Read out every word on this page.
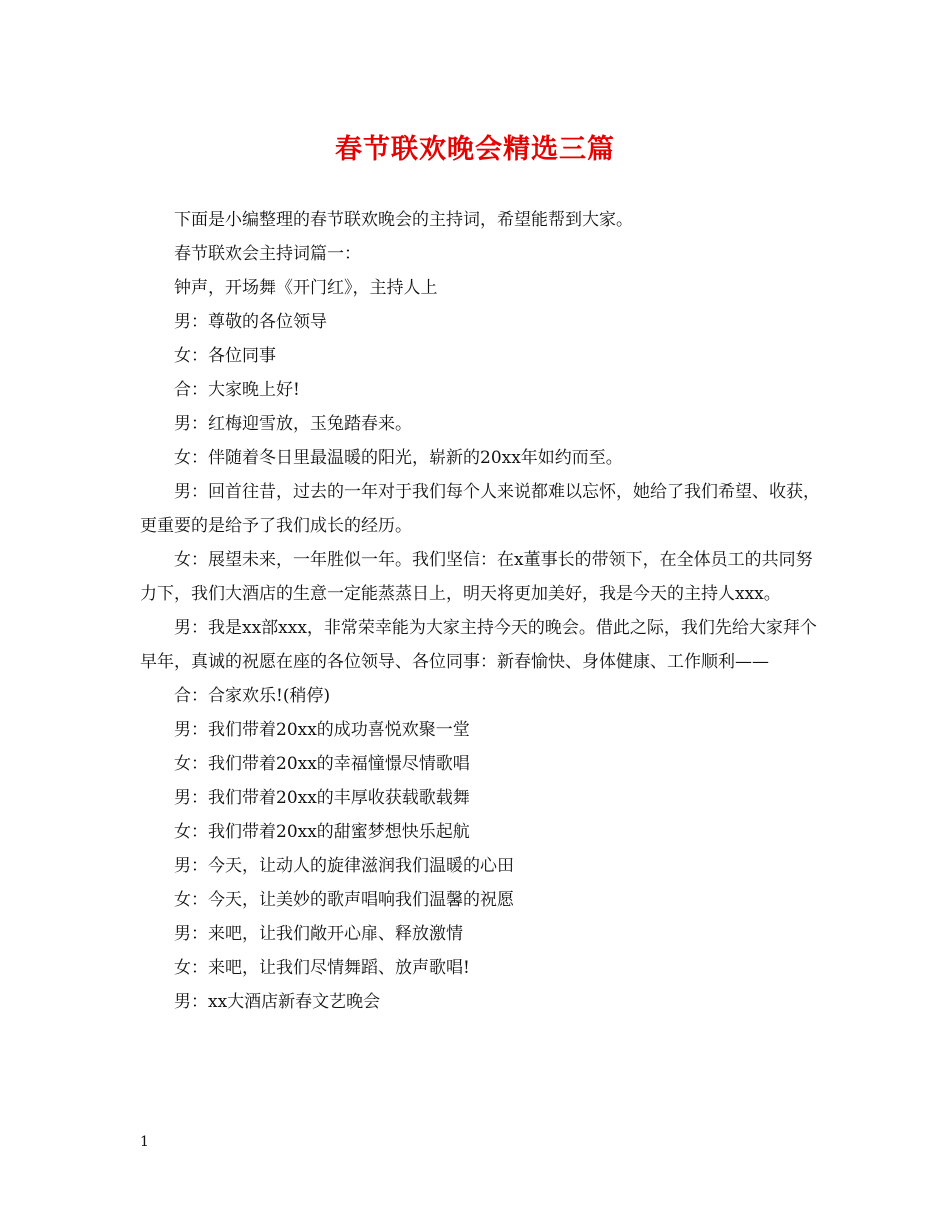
春节联欢晚会精选三篇

下面是小编整理的春节联欢晚会的主持词，希望能帮到大家。

春节联欢会主持词篇一：

钟声，开场舞《开门红》，主持人上

男：尊敬的各位领导

女：各位同事

合：大家晚上好!

男：红梅迎雪放，玉兔踏春来。

女：伴随着冬日里最温暖的阳光，崭新的20xx年如约而至。

男：回首往昔，过去的一年对于我们每个人来说都难以忘怀，她给了我们希望、收获，更重要的是给予了我们成长的经历。

女：展望未来，一年胜似一年。我们坚信：在x董事长的带领下，在全体员工的共同努力下，我们大酒店的生意一定能蒸蒸日上，明天将更加美好，我是今天的主持人xxx。

男：我是xx部xxx，非常荣幸能为大家主持今天的晚会。借此之际，我们先给大家拜个早年，真诚的祝愿在座的各位领导、各位同事：新春愉快、身体健康、工作顺利——

合：合家欢乐!(稍停)

男：我们带着20xx的成功喜悦欢聚一堂

女：我们带着20xx的幸福憧憬尽情歌唱

男：我们带着20xx的丰厚收获载歌载舞

女：我们带着20xx的甜蜜梦想快乐起航

男：今天，让动人的旋律滋润我们温暖的心田

女：今天，让美妙的歌声唱响我们温馨的祝愿

男：来吧，让我们敞开心扉、释放激情

女：来吧，让我们尽情舞蹈、放声歌唱!

男：xx大酒店新春文艺晚会

1
